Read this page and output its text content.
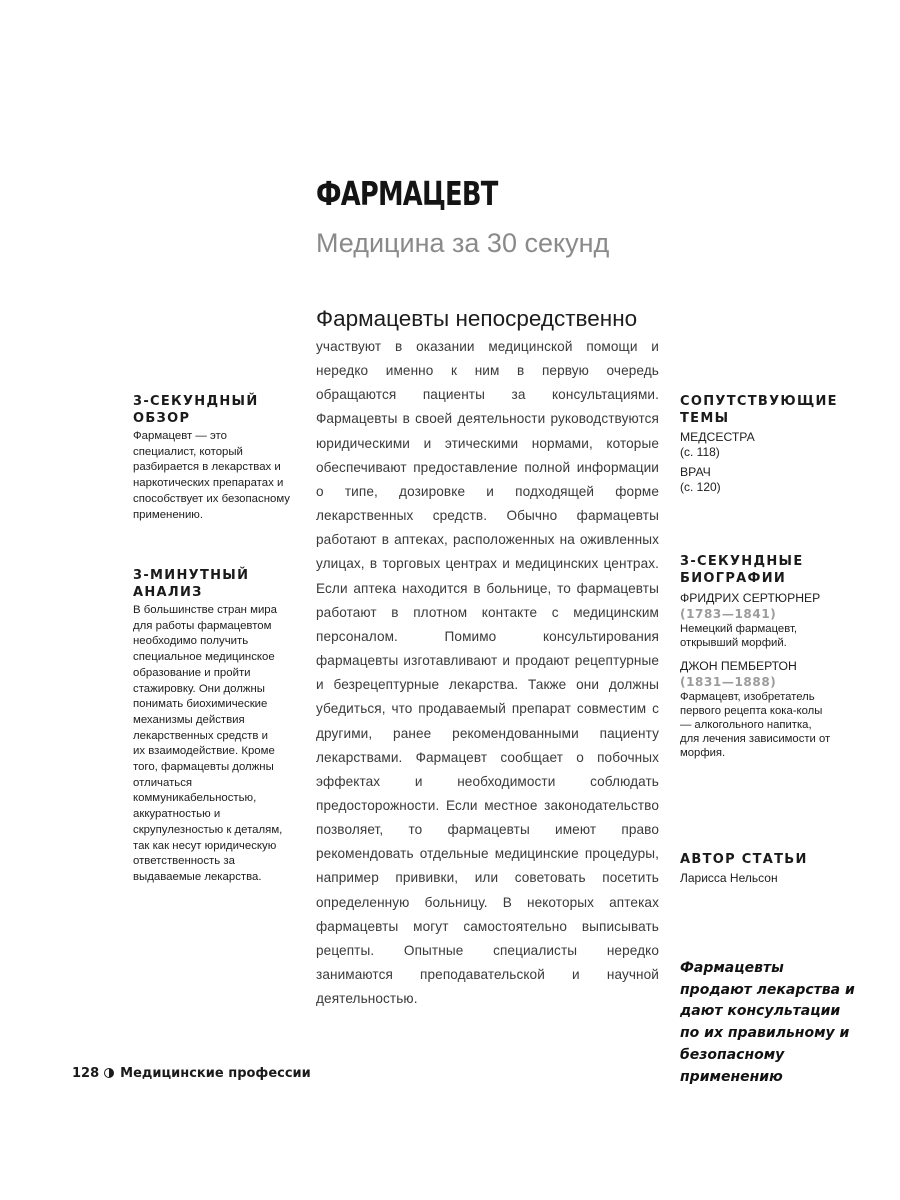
ФАРМАЦЕВТ
Медицина за 30 секунд
Фармацевты непосредственно

участвуют в оказании медицинской помощи и нередко именно к ним в первую очередь обращаются пациенты за консультациями. Фармацевты в своей деятельности руководствуются юридическими и этическими нормами, которые обеспечивают предоставление полной информации о типе, дозировке и подходящей форме лекарственных средств. Обычно фармацевты работают в аптеках, расположенных на оживленных улицах, в торговых центрах и медицинских центрах. Если аптека находится в больнице, то фармацевты работают в плотном контакте с медицинским персоналом. Помимо консультирования фармацевты изготавливают и продают рецептурные и безрецептурные лекарства. Также они должны убедиться, что продаваемый препарат совместим с другими, ранее рекомендованными пациенту лекарствами. Фармацевт сообщает о побочных эффектах и необходимости соблюдать предосторожности. Если местное законодательство позволяет, то фармацевты имеют право рекомендовать отдельные медицинские процедуры, например прививки, или советовать посетить определенную больницу. В некоторых аптеках фармацевты могут самостоятельно выписывать рецепты. Опытные специалисты нередко занимаются преподавательской и научной деятельностью.

3-СЕКУНДНЫЙ ОБЗОР

Фармацевт — это специалист, который разбирается в лекарствах и наркотических препаратах и способствует их безопасному применению.

3-МИНУТНЫЙ АНАЛИЗ

В большинстве стран мира для работы фармацевтом необходимо получить специальное медицинское образование и пройти стажировку. Они должны понимать биохимические механизмы действия лекарственных средств и их взаимодействие. Кроме того, фармацевты должны отличаться коммуникабельностью, аккуратностью и скрупулезностью к деталям, так как несут юридическую ответственность за выдаваемые лекарства.

СОПУТСТВУЮЩИЕ ТЕМЫ

МЕДСЕСТРА

(с. 118)

ВРАЧ

(с. 120)

3-СЕКУНДНЫЕ БИОГРАФИИ

ФРИДРИХ СЕРТЮРНЕР

(1783—1841)

Немецкий фармацевт, открывший морфий.

ДЖОН ПЕМБЕРТОН

(1831—1888)

Фармацевт, изобретатель первого рецепта кока-колы — алкогольного напитка, для лечения зависимости от морфия.

АВТОР СТАТЬИ

Ларисса Нельсон

Фармацевты продают лекарства и дают консультации по их правильному и безопасному применению

128 Медицинские профессии
